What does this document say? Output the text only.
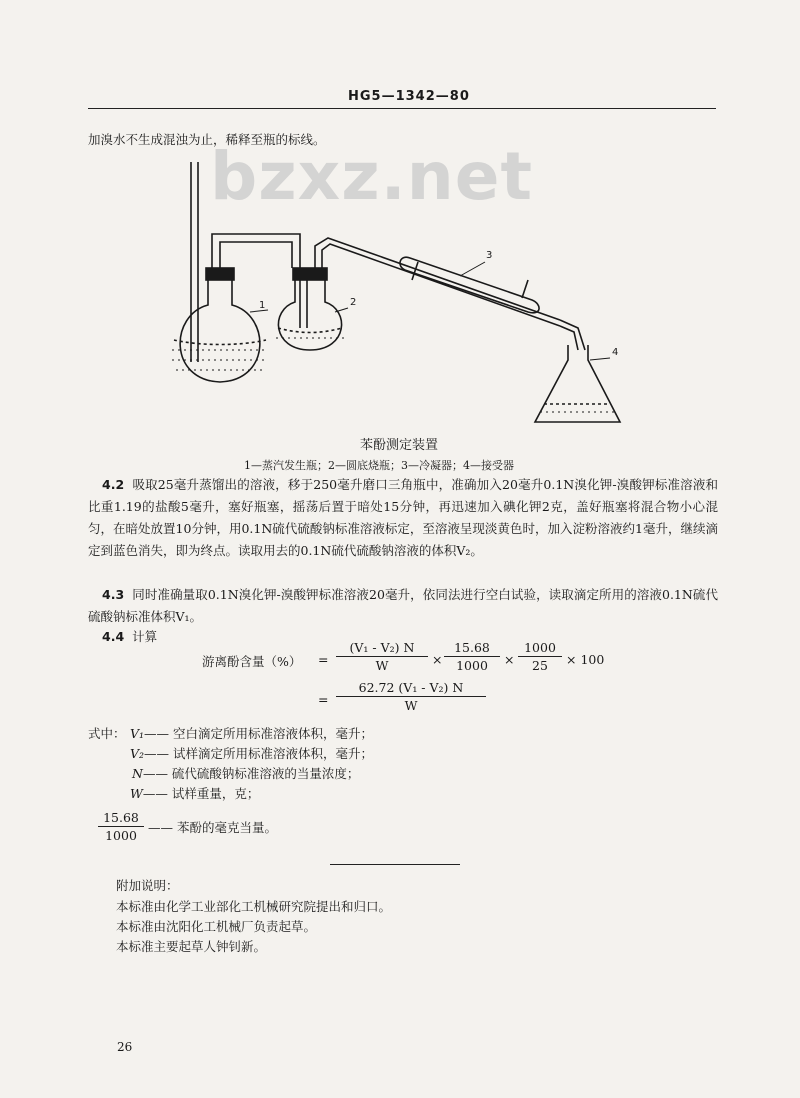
HG5—1342—80
加溴水不生成混浊为止，稀释至瓶的标线。
bzxz.net
1	2
3
4
苯酚测定装置
1—蒸汽发生瓶；2—圆底烧瓶；3—冷凝器；4—接受器
4.2 吸取25毫升蒸馏出的溶液，移于250毫升磨口三角瓶中，准确加入20毫升0.1N溴化钾-溴酸钾标准溶液和比重1.19的盐酸5毫升，塞好瓶塞，摇荡后置于暗处15分钟，再迅速加入碘化钾2克，盖好瓶塞将混合物小心混匀，在暗处放置10分钟，用0.1N硫代硫酸钠标准溶液标定，至溶液呈现淡黄色时，加入淀粉溶液约1毫升，继续滴定到蓝色消失，即为终点。读取用去的0.1N硫代硫酸钠溶液的体积V₂。
4.3 同时准确量取0.1N溴化钾-溴酸钾标准溶液20毫升，依同法进行空白试验，读取滴定所用的溶液0.1N硫代硫酸钠标准体积V₁。
4.4 计算
游离酚含量（%） =
(V₁ - V₂) N
W	×
15.68
1000	×
1000
25	× 100
=
62.72 (V₁ - V₂) N
W
式中： V₁—— 空白滴定所用标准溶液体积，毫升；
V₂—— 试样滴定所用标准溶液体积，毫升；
N—— 硫代硫酸钠标准溶液的当量浓度；
W—— 试样重量，克；
15.68
1000
—— 苯酚的毫克当量。
附加说明：
本标准由化学工业部化工机械研究院提出和归口。
本标准由沈阳化工机械厂负责起草。
本标准主要起草人钟钊新。
26
